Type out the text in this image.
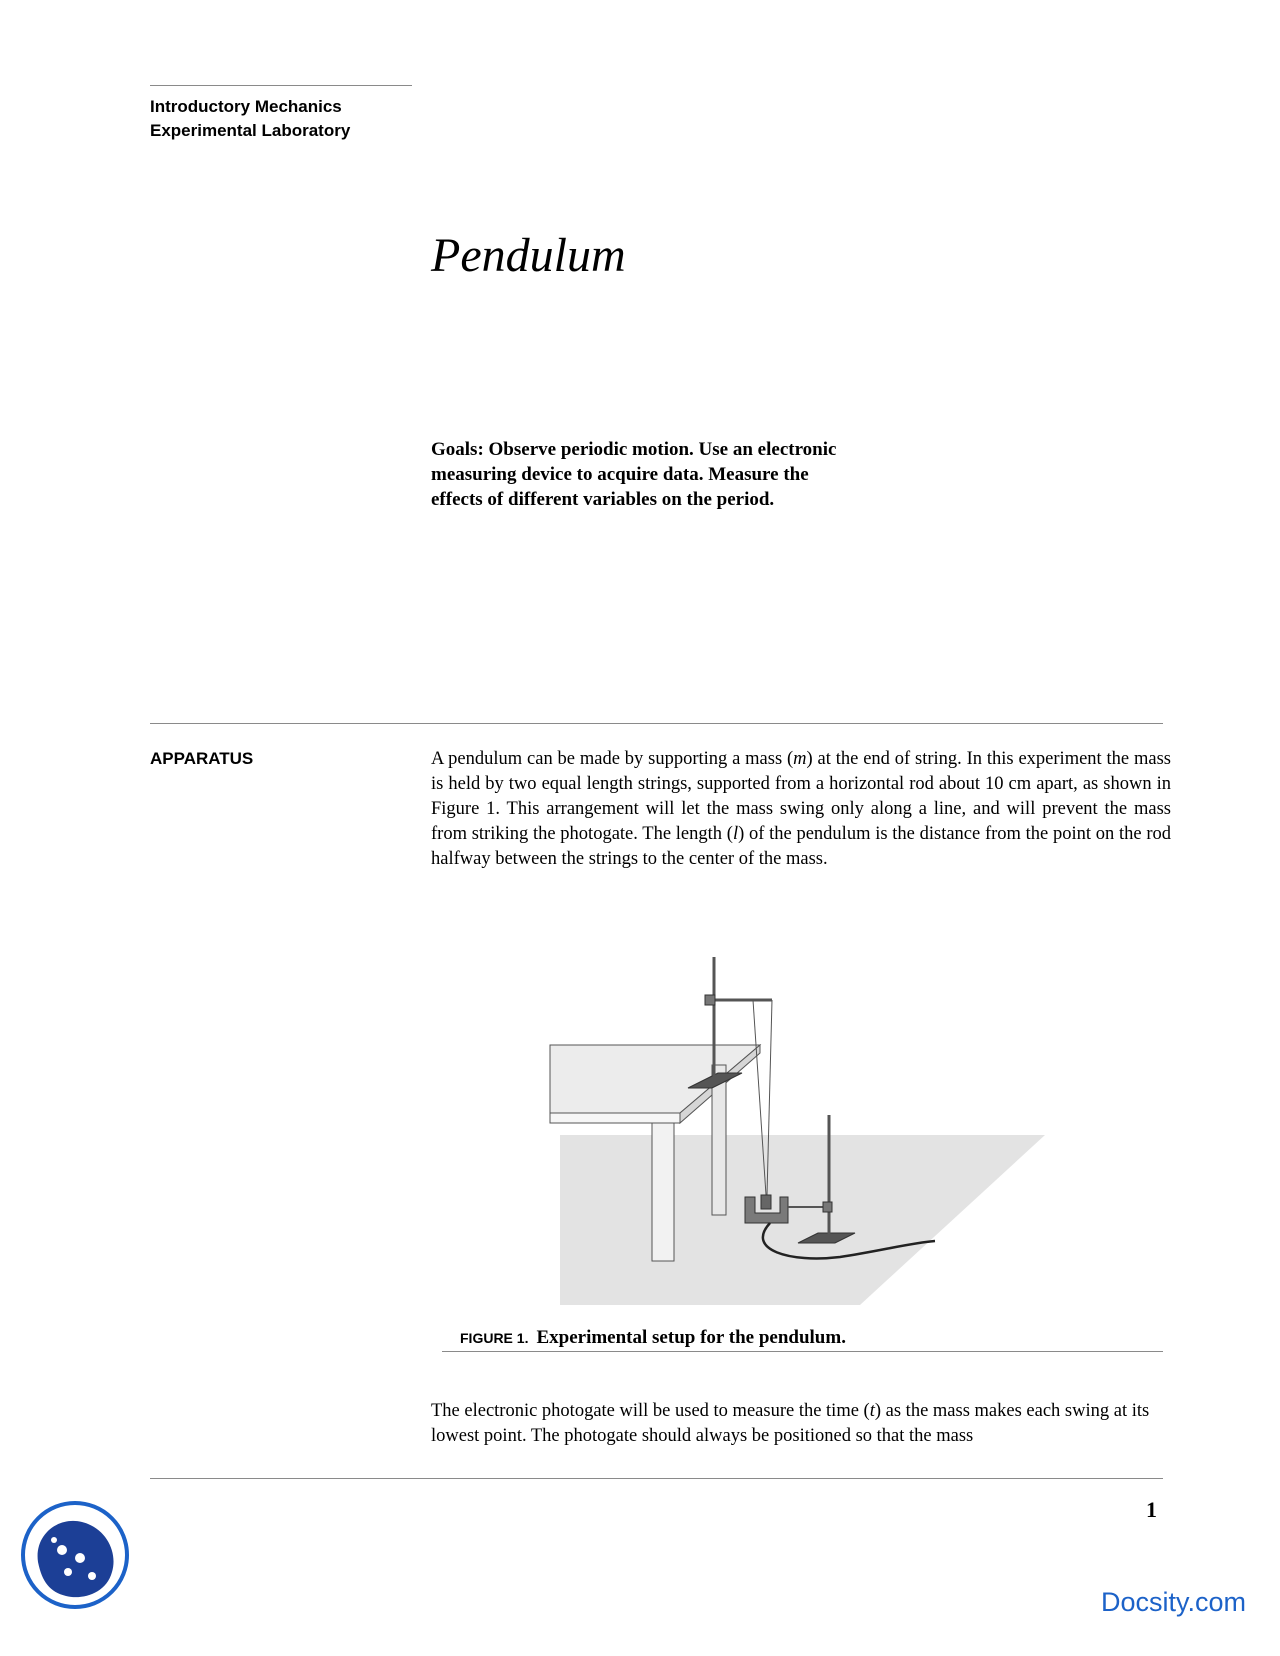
Introductory Mechanics
Experimental Laboratory
Pendulum
Goals: Observe periodic motion. Use an electronic measuring device to acquire data. Measure the effects of different variables on the period.
APPARATUS	A pendulum can be made by supporting a mass (m) at the end of string. In this experiment the mass is held by two equal length strings, supported from a horizontal rod about 10 cm apart, as shown in Figure 1. This arrangement will let the mass swing only along a line, and will prevent the mass from striking the photogate. The length (l) of the pendulum is the distance from the point on the rod halfway between the strings to the center of the mass.
FIGURE 1. Experimental setup for the pendulum.
The electronic photogate will be used to measure the time (t) as the mass makes each swing at its lowest point. The photogate should always be positioned so that the mass
1
Docsity.com
